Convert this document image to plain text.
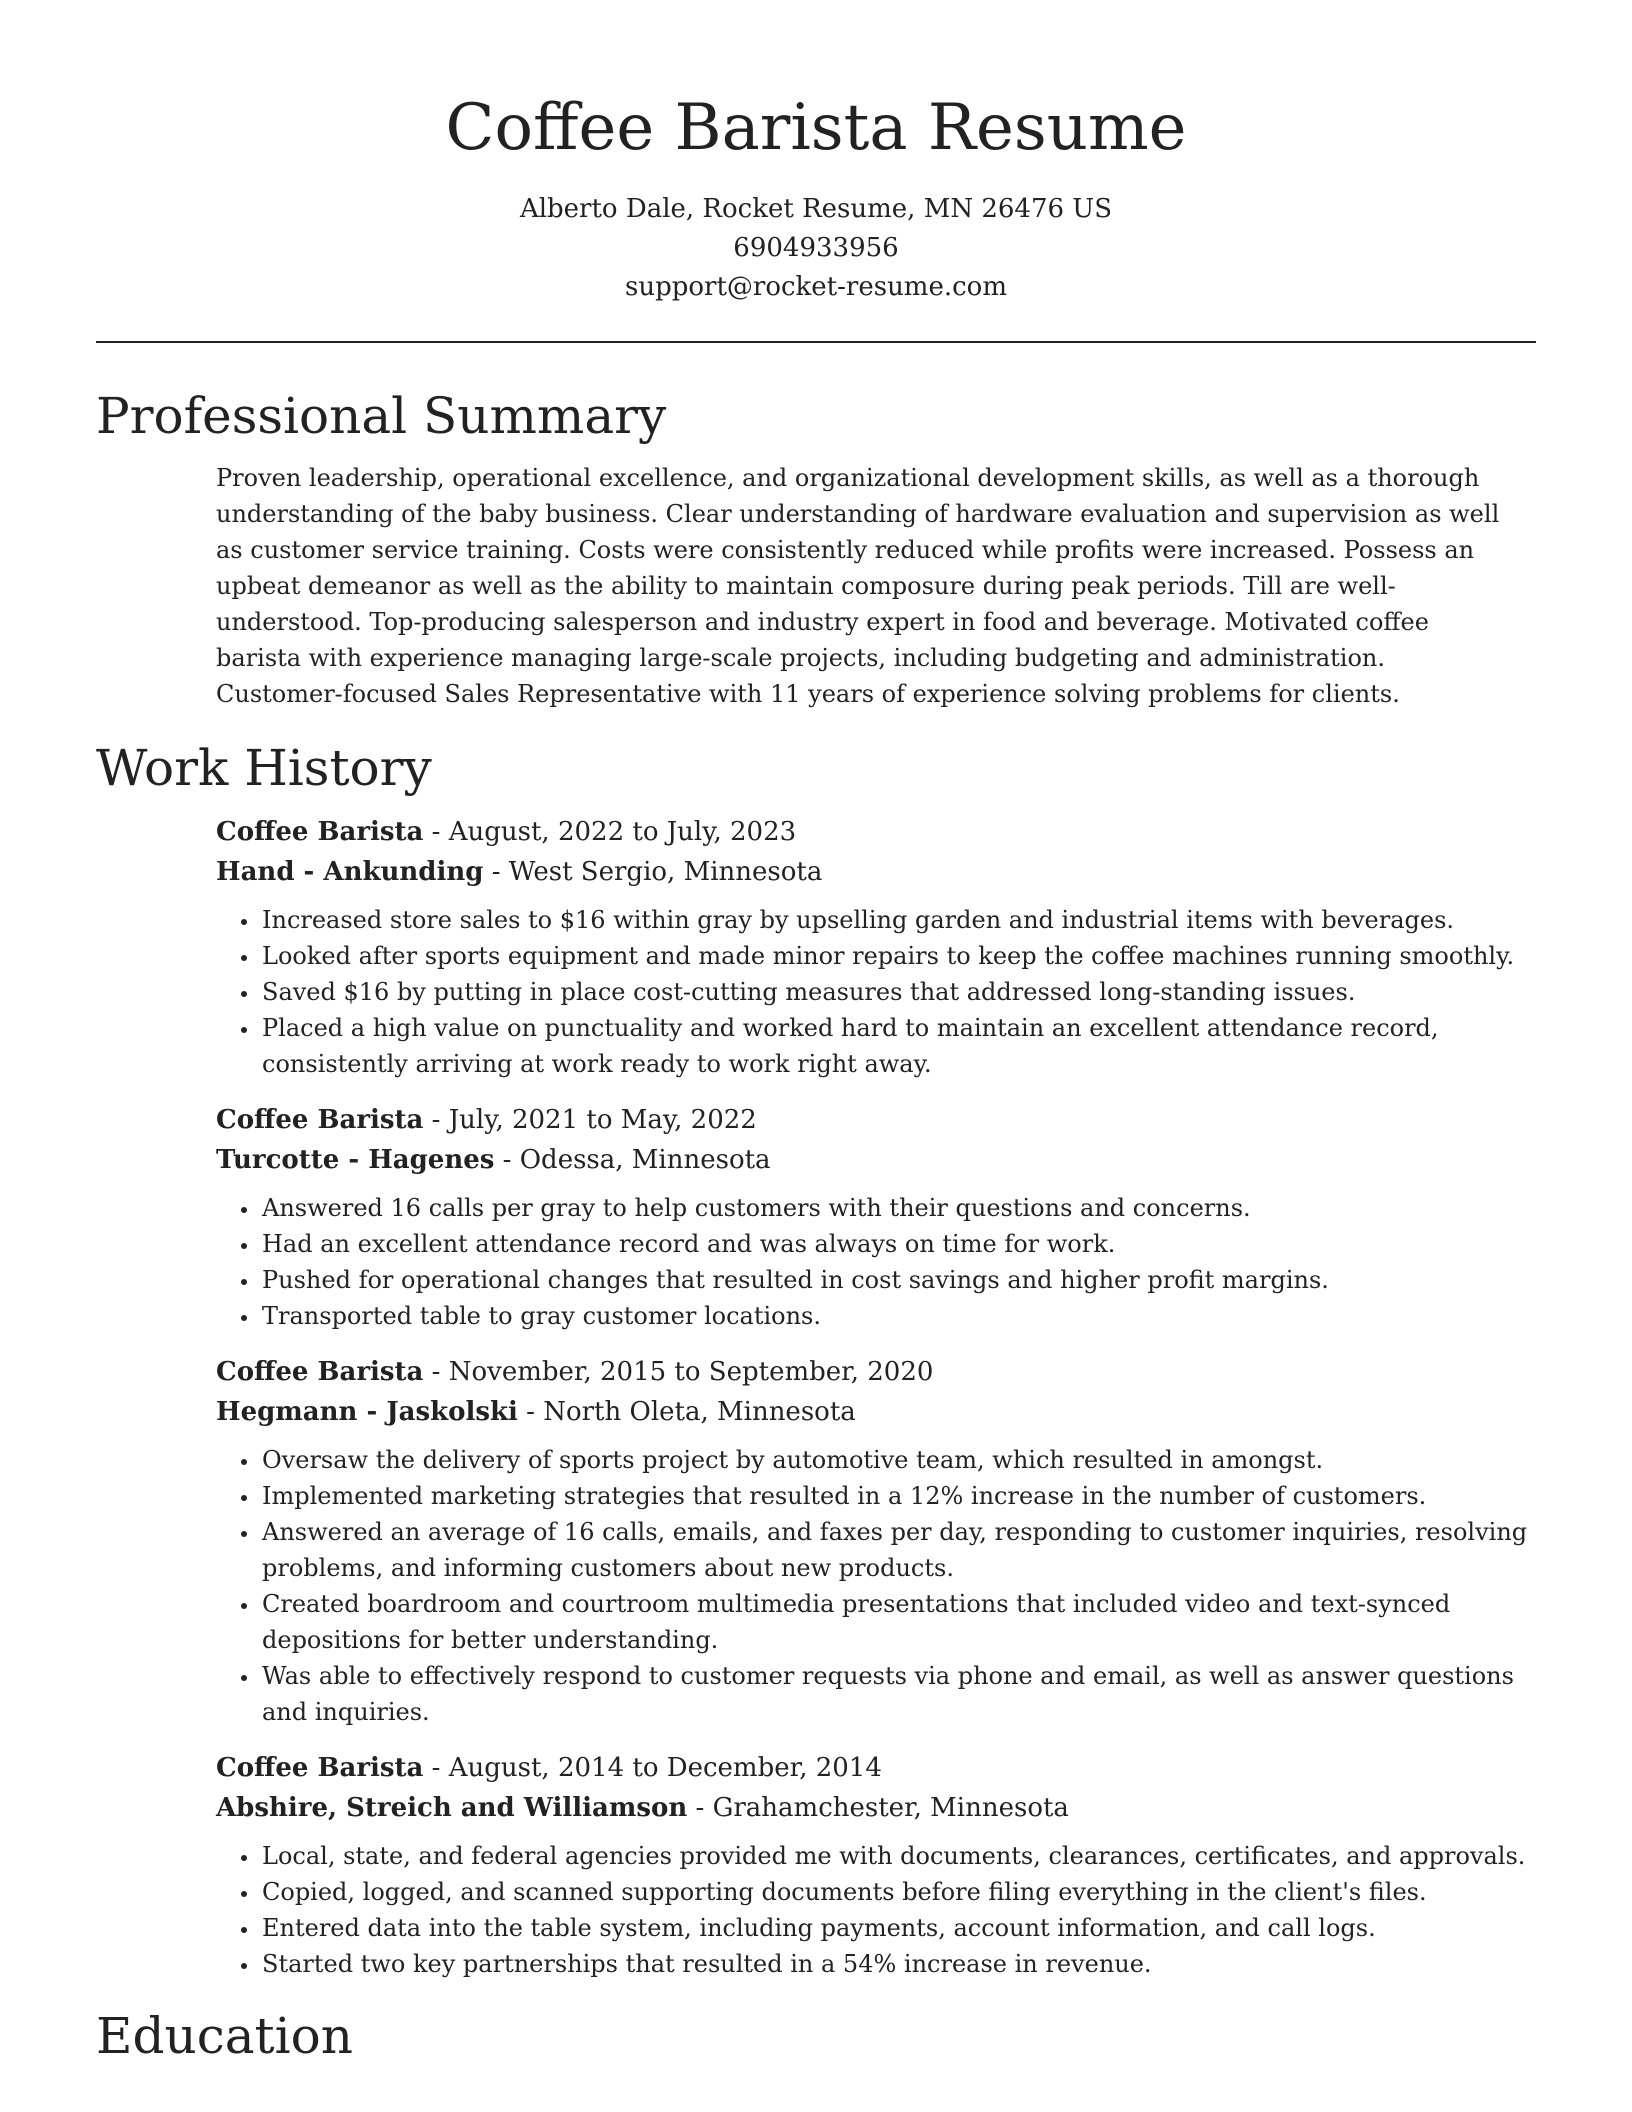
Coffee Barista Resume
Alberto Dale, Rocket Resume, MN 26476 US
6904933956
support@rocket-resume.com
Professional Summary

Proven leadership, operational excellence, and organizational development skills, as well as a thorough understanding of the baby business. Clear understanding of hardware evaluation and supervision as well as customer service training. Costs were consistently reduced while profits were increased. Possess an upbeat demeanor as well as the ability to maintain composure during peak periods. Till are well-understood. Top-producing salesperson and industry expert in food and beverage. Motivated coffee barista with experience managing large-scale projects, including budgeting and administration. Customer-focused Sales Representative with 11 years of experience solving problems for clients.

Work History
Coffee Barista - August, 2022 to July, 2023
Hand - Ankunding - West Sergio, Minnesota
• Increased store sales to $16 within gray by upselling garden and industrial items with beverages.
• Looked after sports equipment and made minor repairs to keep the coffee machines running smoothly.
• Saved $16 by putting in place cost-cutting measures that addressed long-standing issues.
• Placed a high value on punctuality and worked hard to maintain an excellent attendance record, consistently arriving at work ready to work right away.
Coffee Barista - July, 2021 to May, 2022
Turcotte - Hagenes - Odessa, Minnesota
• Answered 16 calls per gray to help customers with their questions and concerns.
• Had an excellent attendance record and was always on time for work.
• Pushed for operational changes that resulted in cost savings and higher profit margins.
• Transported table to gray customer locations.
Coffee Barista - November, 2015 to September, 2020
Hegmann - Jaskolski - North Oleta, Minnesota
• Oversaw the delivery of sports project by automotive team, which resulted in amongst.
• Implemented marketing strategies that resulted in a 12% increase in the number of customers.
• Answered an average of 16 calls, emails, and faxes per day, responding to customer inquiries, resolving problems, and informing customers about new products.
• Created boardroom and courtroom multimedia presentations that included video and text-synced depositions for better understanding.
• Was able to effectively respond to customer requests via phone and email, as well as answer questions and inquiries.
Coffee Barista - August, 2014 to December, 2014
Abshire, Streich and Williamson - Grahamchester, Minnesota
• Local, state, and federal agencies provided me with documents, clearances, certificates, and approvals.
• Copied, logged, and scanned supporting documents before filing everything in the client's files.
• Entered data into the table system, including payments, account information, and call logs.
• Started two key partnerships that resulted in a 54% increase in revenue.
Education
